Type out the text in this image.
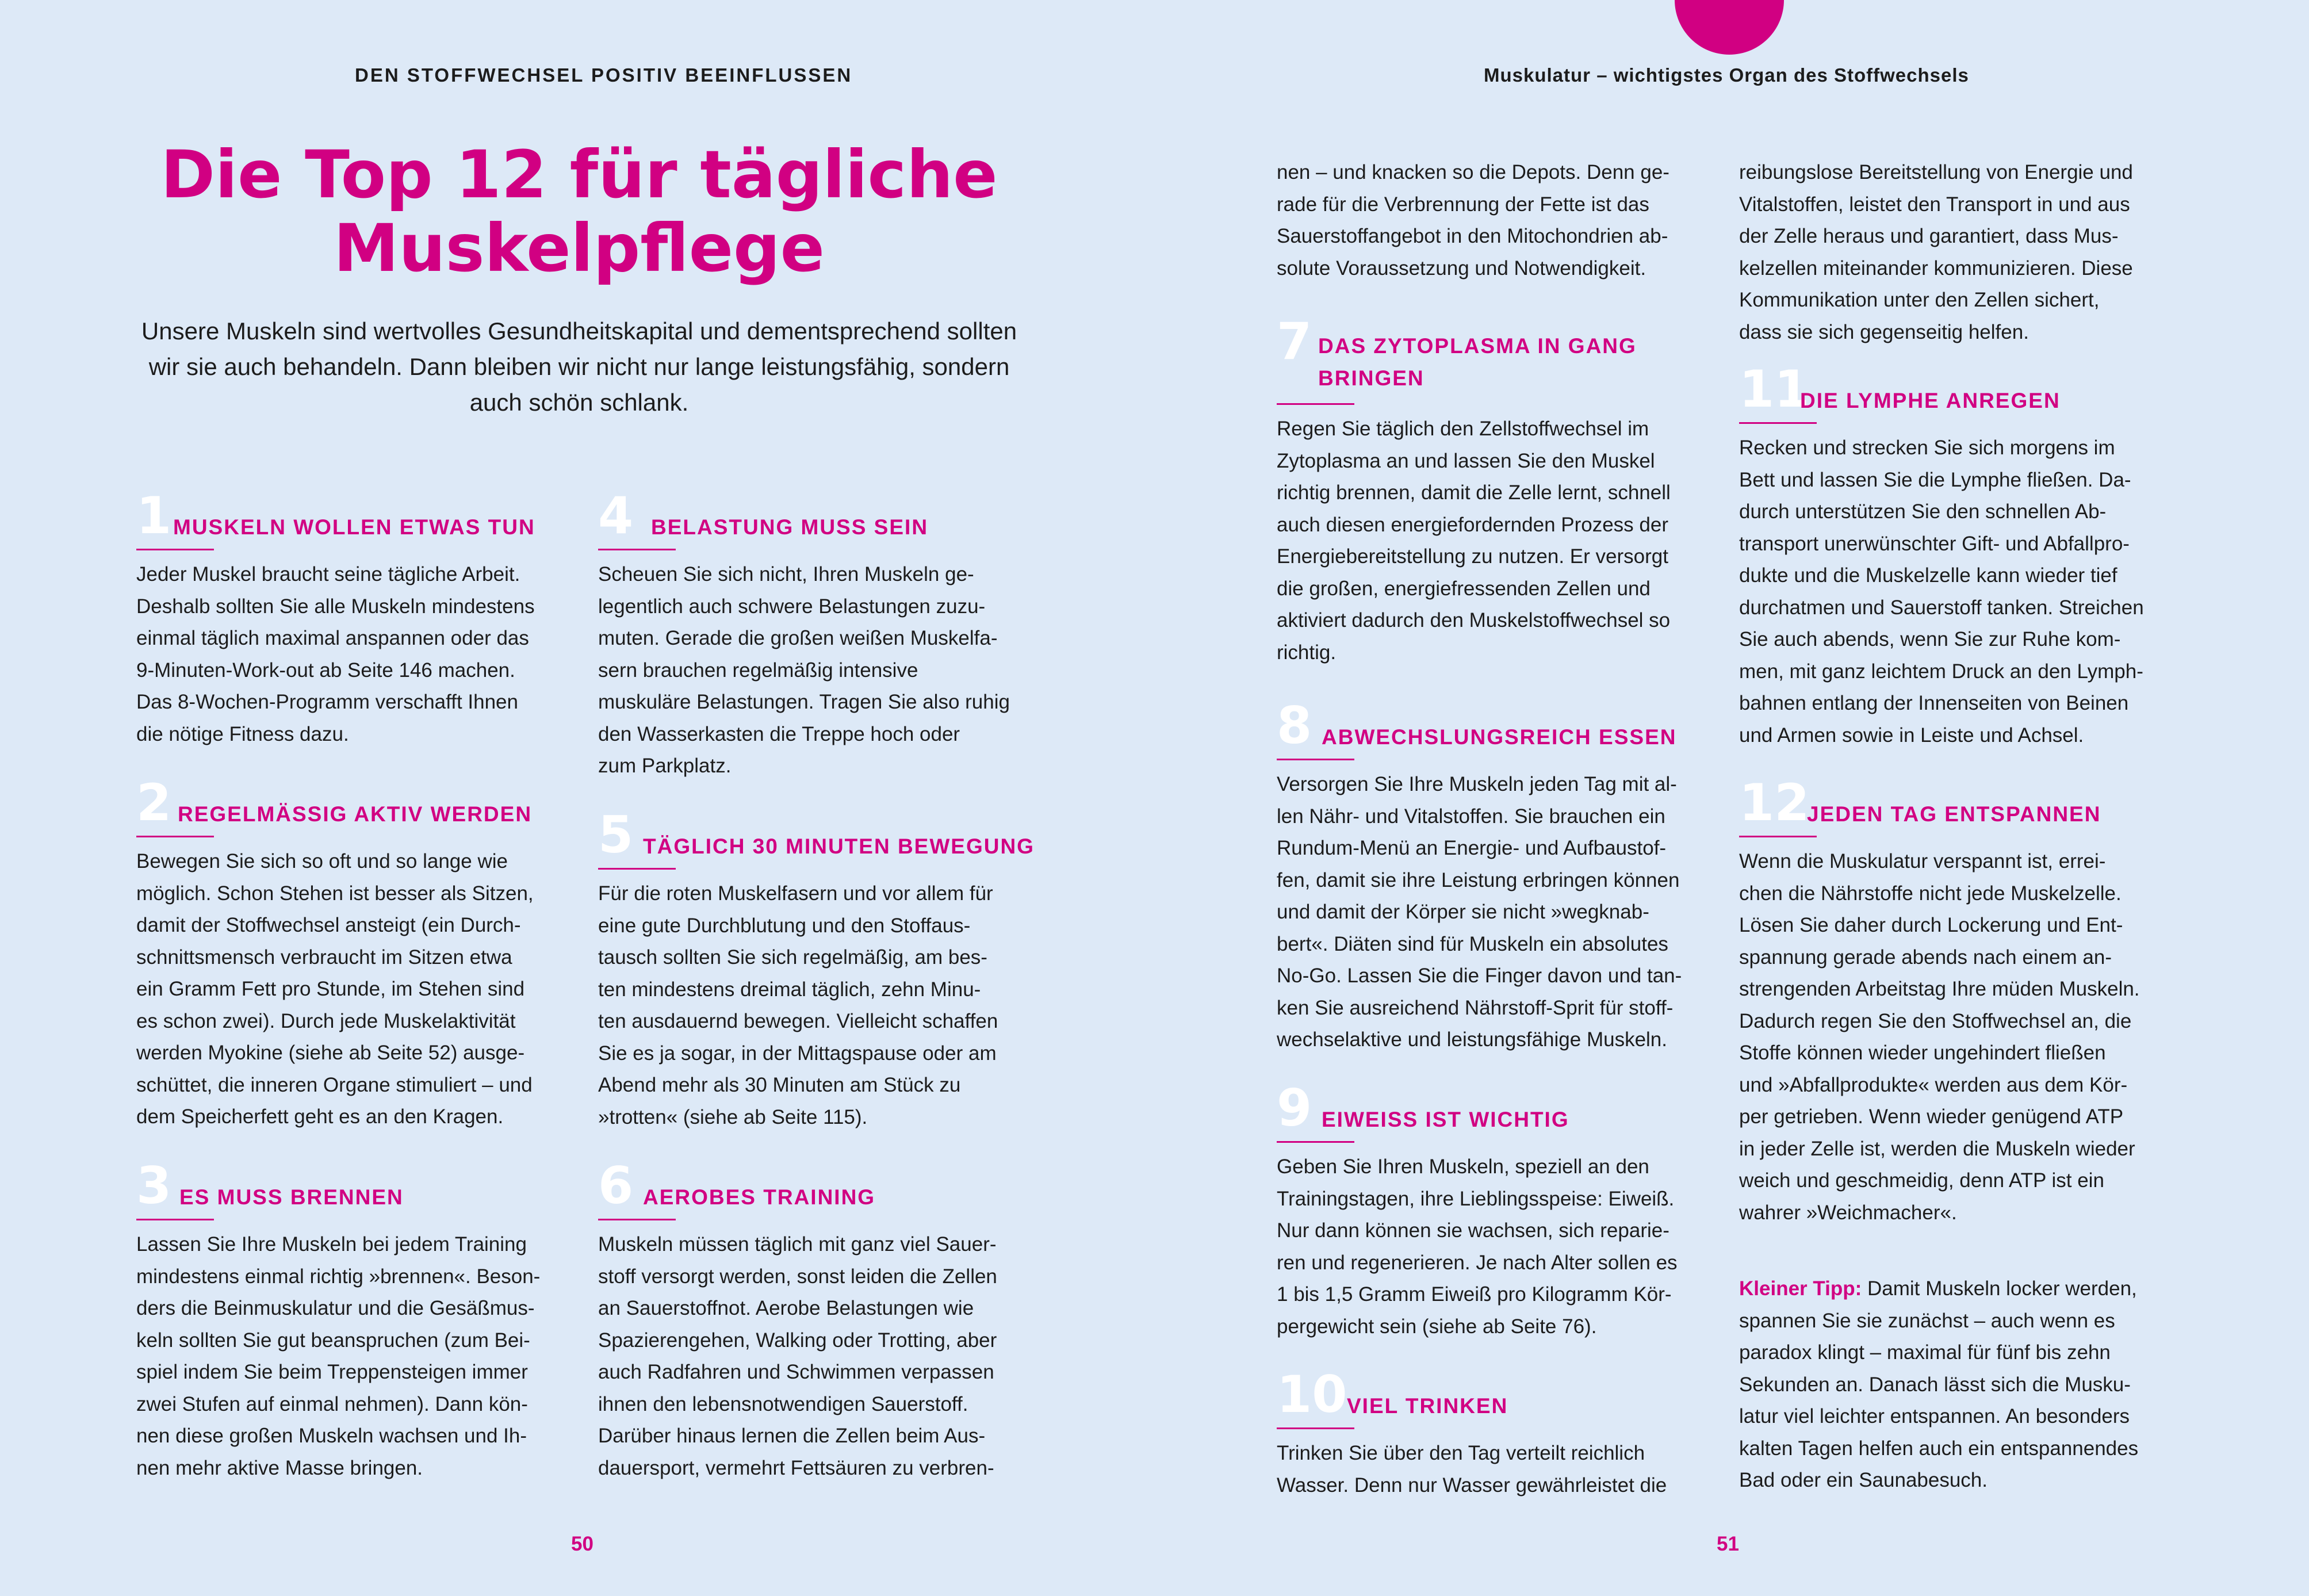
DEN STOFFWECHSEL POSITIV BEEINFLUSSEN
Die Top 12 für tägliche
Muskelpflege

Unsere Muskeln sind wertvolles Gesundheitskapital und dementsprechend sollten wir sie auch behandeln. Dann bleiben wir nicht nur lange leistungsfähig, sondern auch schön schlank.

1 MUSKELN WOLLEN ETWAS TUN

Jeder Muskel braucht seine tägliche Arbeit.
Deshalb sollten Sie alle Muskeln mindestens
einmal täglich maximal anspannen oder das
9-Minuten-Work-out ab Seite 146 machen.
Das 8-Wochen-Programm verschafft Ihnen
die nötige Fitness dazu.

2 REGELMÄSSIG AKTIV WERDEN

Bewegen Sie sich so oft und so lange wie
möglich. Schon Stehen ist besser als Sitzen,
damit der Stoffwechsel ansteigt (ein Durch-
schnittsmensch verbraucht im Sitzen etwa
ein Gramm Fett pro Stunde, im Stehen sind
es schon zwei). Durch jede Muskelaktivität
werden Myokine (siehe ab Seite 52) ausge-
schüttet, die inneren Organe stimuliert – und
dem Speicherfett geht es an den Kragen.

3 ES MUSS BRENNEN

Lassen Sie Ihre Muskeln bei jedem Training
mindestens einmal richtig »brennen«. Beson-
ders die Beinmuskulatur und die Gesäßmus-
keln sollten Sie gut beanspruchen (zum Bei-
spiel indem Sie beim Treppensteigen immer
zwei Stufen auf einmal nehmen). Dann kön-
nen diese großen Muskeln wachsen und Ih-
nen mehr aktive Masse bringen.

4 BELASTUNG MUSS SEIN

Scheuen Sie sich nicht, Ihren Muskeln ge-
legentlich auch schwere Belastungen zuzu-
muten. Gerade die großen weißen Muskelfa-
sern brauchen regelmäßig intensive
muskuläre Belastungen. Tragen Sie also ruhig
den Wasserkasten die Treppe hoch oder
zum Parkplatz.

5 TÄGLICH 30 MINUTEN BEWEGUNG

Für die roten Muskelfasern und vor allem für
eine gute Durchblutung und den Stoffaus-
tausch sollten Sie sich regelmäßig, am bes-
ten mindestens dreimal täglich, zehn Minu-
ten ausdauernd bewegen. Vielleicht schaffen
Sie es ja sogar, in der Mittagspause oder am
Abend mehr als 30 Minuten am Stück zu
»trotten« (siehe ab Seite 115).

6 AEROBES TRAINING

Muskeln müssen täglich mit ganz viel Sauer-
stoff versorgt werden, sonst leiden die Zellen
an Sauerstoffnot. Aerobe Belastungen wie
Spazierengehen, Walking oder Trotting, aber
auch Radfahren und Schwimmen verpassen
ihnen den lebensnotwendigen Sauerstoff.
Darüber hinaus lernen die Zellen beim Aus-
dauersport, vermehrt Fettsäuren zu verbren-

50
Muskulatur – wichtigstes Organ des Stoffwechsels

nen – und knacken so die Depots. Denn ge-
rade für die Verbrennung der Fette ist das
Sauerstoffangebot in den Mitochondrien ab-
solute Voraussetzung und Notwendigkeit.

7 DAS ZYTOPLASMA IN GANG BRINGEN

Regen Sie täglich den Zellstoffwechsel im
Zytoplasma an und lassen Sie den Muskel
richtig brennen, damit die Zelle lernt, schnell
auch diesen energiefordernden Prozess der
Energiebereitstellung zu nutzen. Er versorgt
die großen, energiefressenden Zellen und
aktiviert dadurch den Muskelstoffwechsel so
richtig.

8 ABWECHSLUNGSREICH ESSEN

Versorgen Sie Ihre Muskeln jeden Tag mit al-
len Nähr- und Vitalstoffen. Sie brauchen ein
Rundum-Menü an Energie- und Aufbaustof-
fen, damit sie ihre Leistung erbringen können
und damit der Körper sie nicht »wegknab-
bert«. Diäten sind für Muskeln ein absolutes
No-Go. Lassen Sie die Finger davon und tan-
ken Sie ausreichend Nährstoff-Sprit für stoff-
wechselaktive und leistungsfähige Muskeln.

9 EIWEISS IST WICHTIG

Geben Sie Ihren Muskeln, speziell an den
Trainingstagen, ihre Lieblingsspeise: Eiweiß.
Nur dann können sie wachsen, sich reparie-
ren und regenerieren. Je nach Alter sollen es
1 bis 1,5 Gramm Eiweiß pro Kilogramm Kör-
pergewicht sein (siehe ab Seite 76).

10 VIEL TRINKEN

Trinken Sie über den Tag verteilt reichlich
Wasser. Denn nur Wasser gewährleistet die

reibungslose Bereitstellung von Energie und
Vitalstoffen, leistet den Transport in und aus
der Zelle heraus und garantiert, dass Mus-
kelzellen miteinander kommunizieren. Diese
Kommunikation unter den Zellen sichert,
dass sie sich gegenseitig helfen.

11
DIE LYMPHE ANREGEN

Recken und strecken Sie sich morgens im
Bett und lassen Sie die Lymphe fließen. Da-
durch unterstützen Sie den schnellen Ab-
transport unerwünschter Gift- und Abfallpro-
dukte und die Muskelzelle kann wieder tief
durchatmen und Sauerstoff tanken. Streichen
Sie auch abends, wenn Sie zur Ruhe kom-
men, mit ganz leichtem Druck an den Lymph-
bahnen entlang der Innenseiten von Beinen
und Armen sowie in Leiste und Achsel.

12
JEDEN TAG ENTSPANNEN

Wenn die Muskulatur verspannt ist, errei-
chen die Nährstoffe nicht jede Muskelzelle.
Lösen Sie daher durch Lockerung und Ent-
spannung gerade abends nach einem an-
strengenden Arbeitstag Ihre müden Muskeln.
Dadurch regen Sie den Stoffwechsel an, die
Stoffe können wieder ungehindert fließen
und »Abfallprodukte« werden aus dem Kör-
per getrieben. Wenn wieder genügend ATP
in jeder Zelle ist, werden die Muskeln wieder
weich und geschmeidig, denn ATP ist ein
wahrer »Weichmacher«.

Kleiner Tipp: Damit Muskeln locker werden,
spannen Sie sie zunächst – auch wenn es
paradox klingt – maximal für fünf bis zehn
Sekunden an. Danach lässt sich die Musku-
latur viel leichter entspannen. An besonders
kalten Tagen helfen auch ein entspannendes
Bad oder ein Saunabesuch.

51
